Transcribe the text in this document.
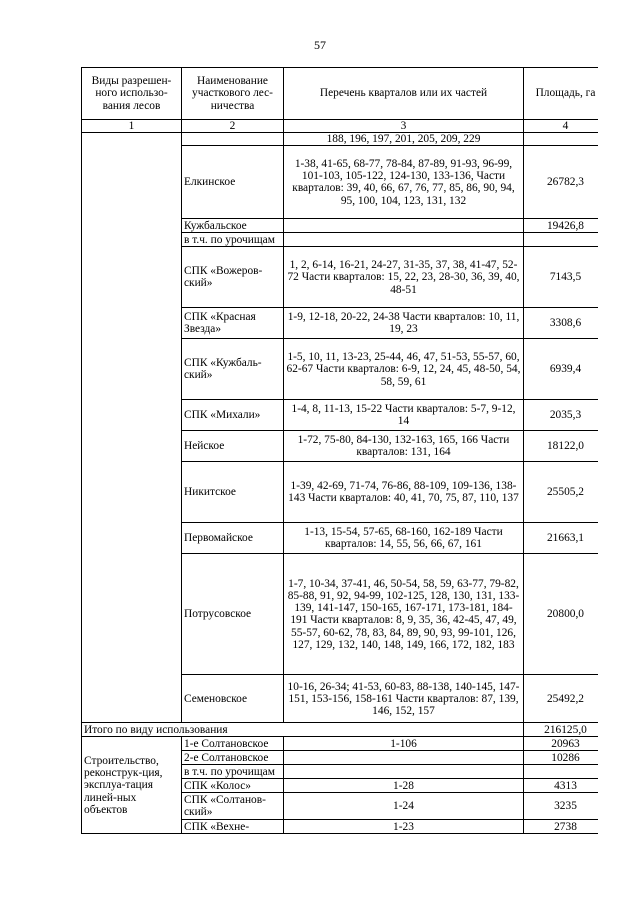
57
Виды разрешен-ного использо-вания лесов	Наименование участкового лес-ничества	Перечень кварталов или их частей	Площадь, га
1	2	3	4
		188, 196, 197, 201, 205, 209, 229	
	Елкинское	1-38, 41-65, 68-77, 78-84, 87-89, 91-93, 96-99, 101-103, 105-122, 124-130, 133-136, Части кварталов: 39, 40, 66, 67, 76, 77, 85, 86, 90, 94, 95, 100, 104, 123, 131, 132	26782,3
	Кужбальское		19426,8
	в т.ч. по урочищам		
	СПК «Вожеров-ский»	1, 2, 6-14, 16-21, 24-27, 31-35, 37, 38, 41-47, 52-72 Части кварталов: 15, 22, 23, 28-30, 36, 39, 40, 48-51	7143,5
	СПК «Красная Звезда»	1-9, 12-18, 20-22, 24-38 Части кварталов: 10, 11, 19, 23	3308,6
	СПК «Кужбаль-ский»	1-5, 10, 11, 13-23, 25-44, 46, 47, 51-53, 55-57, 60, 62-67 Части кварталов: 6-9, 12, 24, 45, 48-50, 54, 58, 59, 61	6939,4
	СПК «Михали»	1-4, 8, 11-13, 15-22 Части кварталов: 5-7, 9-12, 14	2035,3
	Нейское	1-72, 75-80, 84-130, 132-163, 165, 166 Части кварталов: 131, 164	18122,0
	Никитское	1-39, 42-69, 71-74, 76-86, 88-109, 109-136, 138-143 Части кварталов: 40, 41, 70, 75, 87, 110, 137	25505,2
	Первомайское	1-13, 15-54, 57-65, 68-160, 162-189 Части кварталов: 14, 55, 56, 66, 67, 161	21663,1
	Потрусовское	1-7, 10-34, 37-41, 46, 50-54, 58, 59, 63-77, 79-82, 85-88, 91, 92, 94-99, 102-125, 128, 130, 131, 133-139, 141-147, 150-165, 167-171, 173-181, 184-191 Части кварталов: 8, 9, 35, 36, 42-45, 47, 49, 55-57, 60-62, 78, 83, 84, 89, 90, 93, 99-101, 126, 127, 129, 132, 140, 148, 149, 166, 172, 182, 183	20800,0
	Семеновское	10-16, 26-34; 41-53, 60-83, 88-138, 140-145, 147-151, 153-156, 158-161 Части кварталов: 87, 139, 146, 152, 157	25492,2
Итого по виду использования			216125,0
Строительство, реконструк-ция, эксплуа-тация линей-ных объектов	1-е Солтановское	1-106	20963
	2-е Солтановское		10286
	в т.ч. по урочищам		
	СПК «Колос»	1-28	4313
	СПК «Солтанов-ский»	1-24	3235
	СПК «Вехне-	1-23	2738
